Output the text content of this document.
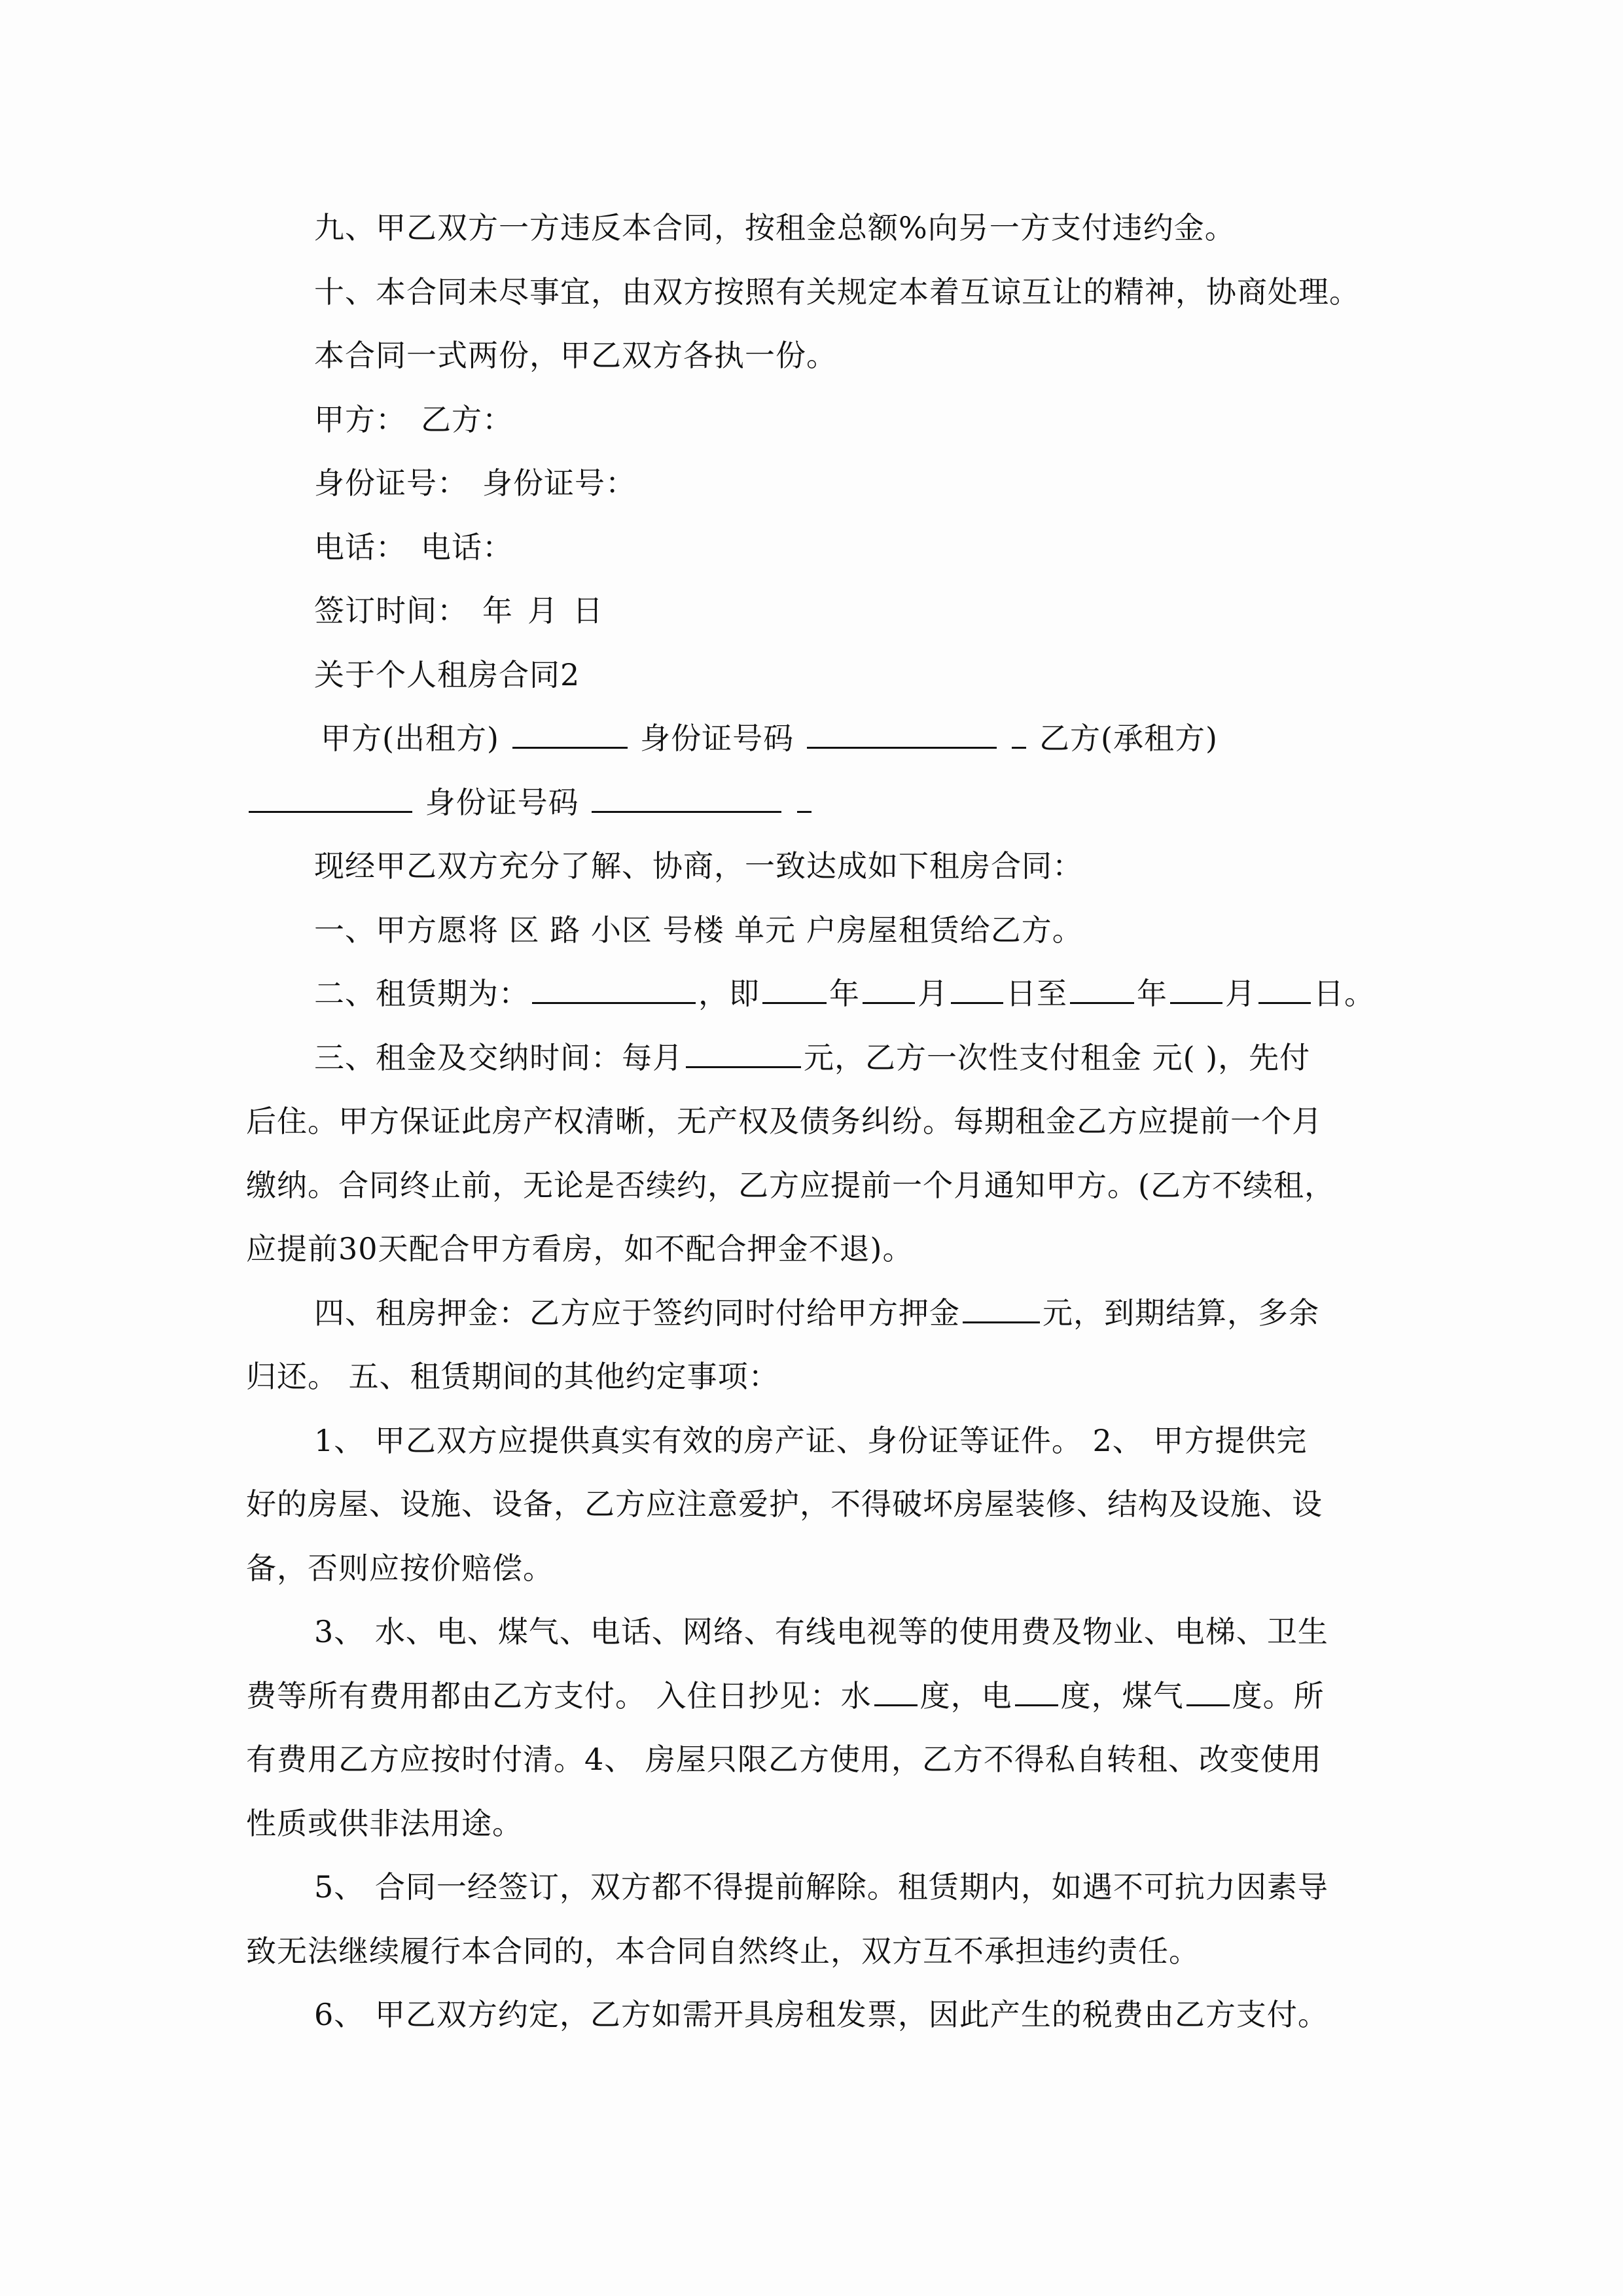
九、甲乙双方一方违反本合同，按租金总额%向另一方支付违约金。
十、本合同未尽事宜，由双方按照有关规定本着互谅互让的精神，协商处理。
本合同一式两份，甲乙双方各执一份。
甲方： 乙方：
身份证号： 身份证号：
电话： 电话：
签订时间： 年 月 日
关于个人租房合同2
甲方(出租方)	身份证号码	乙方(承租方)
身份证号码
现经甲乙双方充分了解、协商，一致达成如下租房合同：
一、甲方愿将 区 路 小区 号楼 单元 户房屋租赁给乙方。
二、租赁期为：	，即 年 月 日至 年 月 日。
三、租金及交纳时间：每月	元，乙方一次性支付租金 元( )，先付
后住。甲方保证此房产权清晰，无产权及债务纠纷。每期租金乙方应提前一个月
缴纳。合同终止前，无论是否续约，乙方应提前一个月通知甲方。(乙方不续租，
应提前30天配合甲方看房，如不配合押金不退)。
四、租房押金：乙方应于签约同时付给甲方押金	元，到期结算，多余
归还。 五、租赁期间的其他约定事项：
1、 甲乙双方应提供真实有效的房产证、身份证等证件。 2、 甲方提供完
好的房屋、设施、设备，乙方应注意爱护，不得破坏房屋装修、结构及设施、设
备，否则应按价赔偿。
3、 水、电、煤气、电话、网络、有线电视等的使用费及物业、电梯、卫生
费等所有费用都由乙方支付。 入住日抄见：水 度，电 度，煤气 度。所
有费用乙方应按时付清。4、 房屋只限乙方使用，乙方不得私自转租、改变使用
性质或供非法用途。
5、 合同一经签订，双方都不得提前解除。租赁期内，如遇不可抗力因素导
致无法继续履行本合同的，本合同自然终止，双方互不承担违约责任。
6、 甲乙双方约定，乙方如需开具房租发票，因此产生的税费由乙方支付。
